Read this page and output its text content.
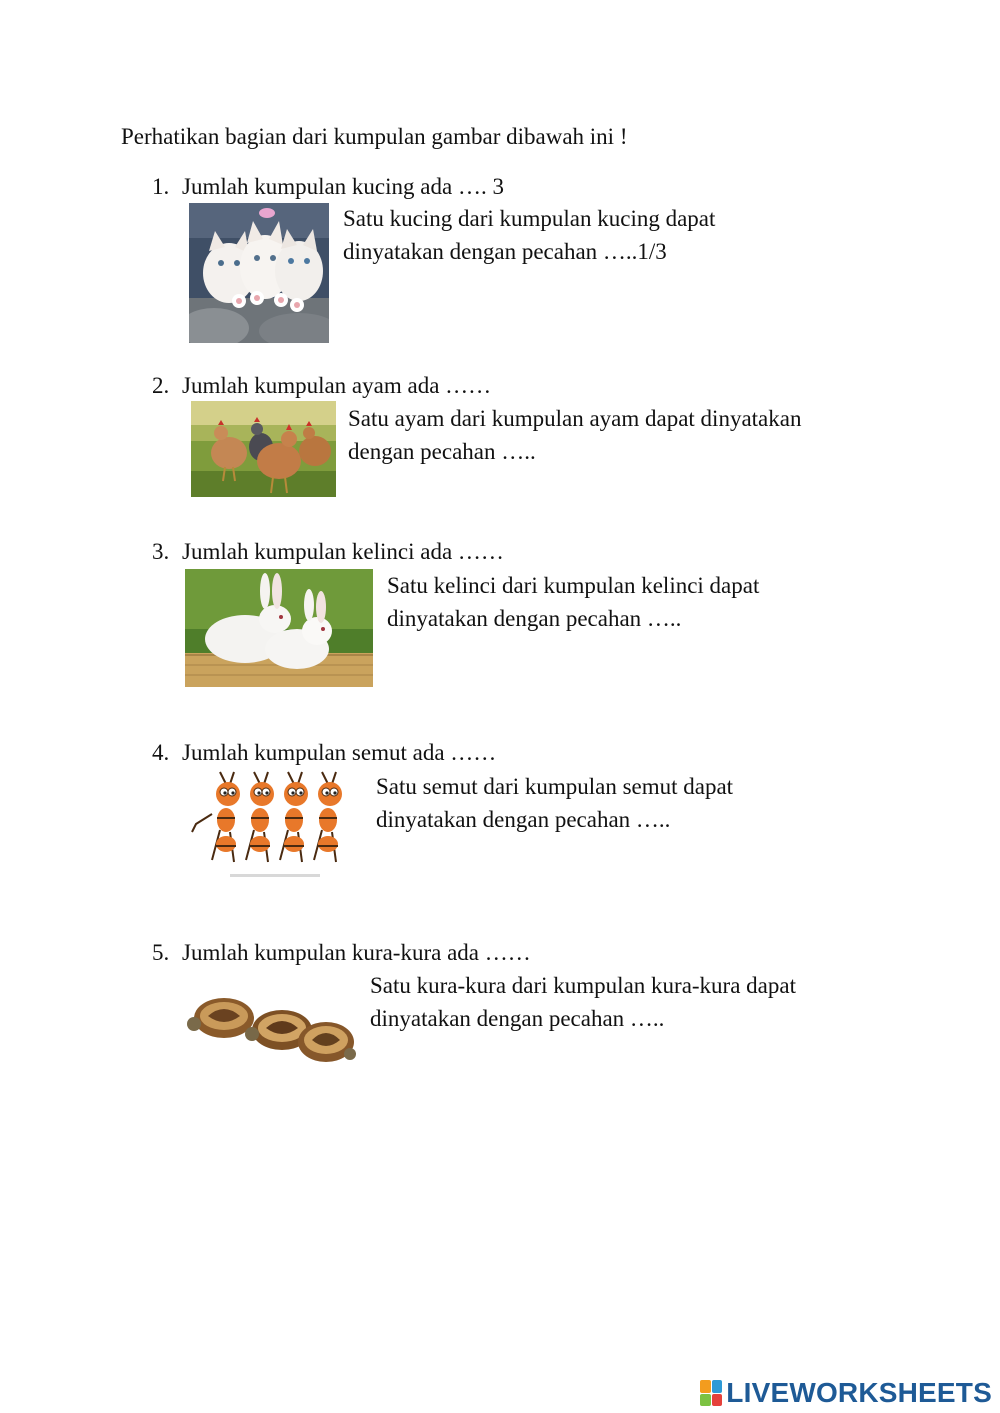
Perhatikan bagian dari kumpulan gambar dibawah ini !
1. Jumlah kumpulan kucing ada …. 3
Satu kucing dari kumpulan kucing dapat
dinyatakan dengan pecahan …..1/3
2. Jumlah kumpulan ayam ada ……
Satu ayam dari kumpulan ayam dapat dinyatakan
dengan pecahan …..
3. Jumlah kumpulan kelinci ada ……
Satu kelinci dari kumpulan kelinci dapat
dinyatakan dengan pecahan …..
4. Jumlah kumpulan semut ada ……
Satu semut dari kumpulan semut dapat
dinyatakan dengan pecahan …..
5. Jumlah kumpulan kura-kura ada ……
Satu kura-kura dari kumpulan kura-kura dapat
dinyatakan dengan pecahan …..
LIVEWORKSHEETS
